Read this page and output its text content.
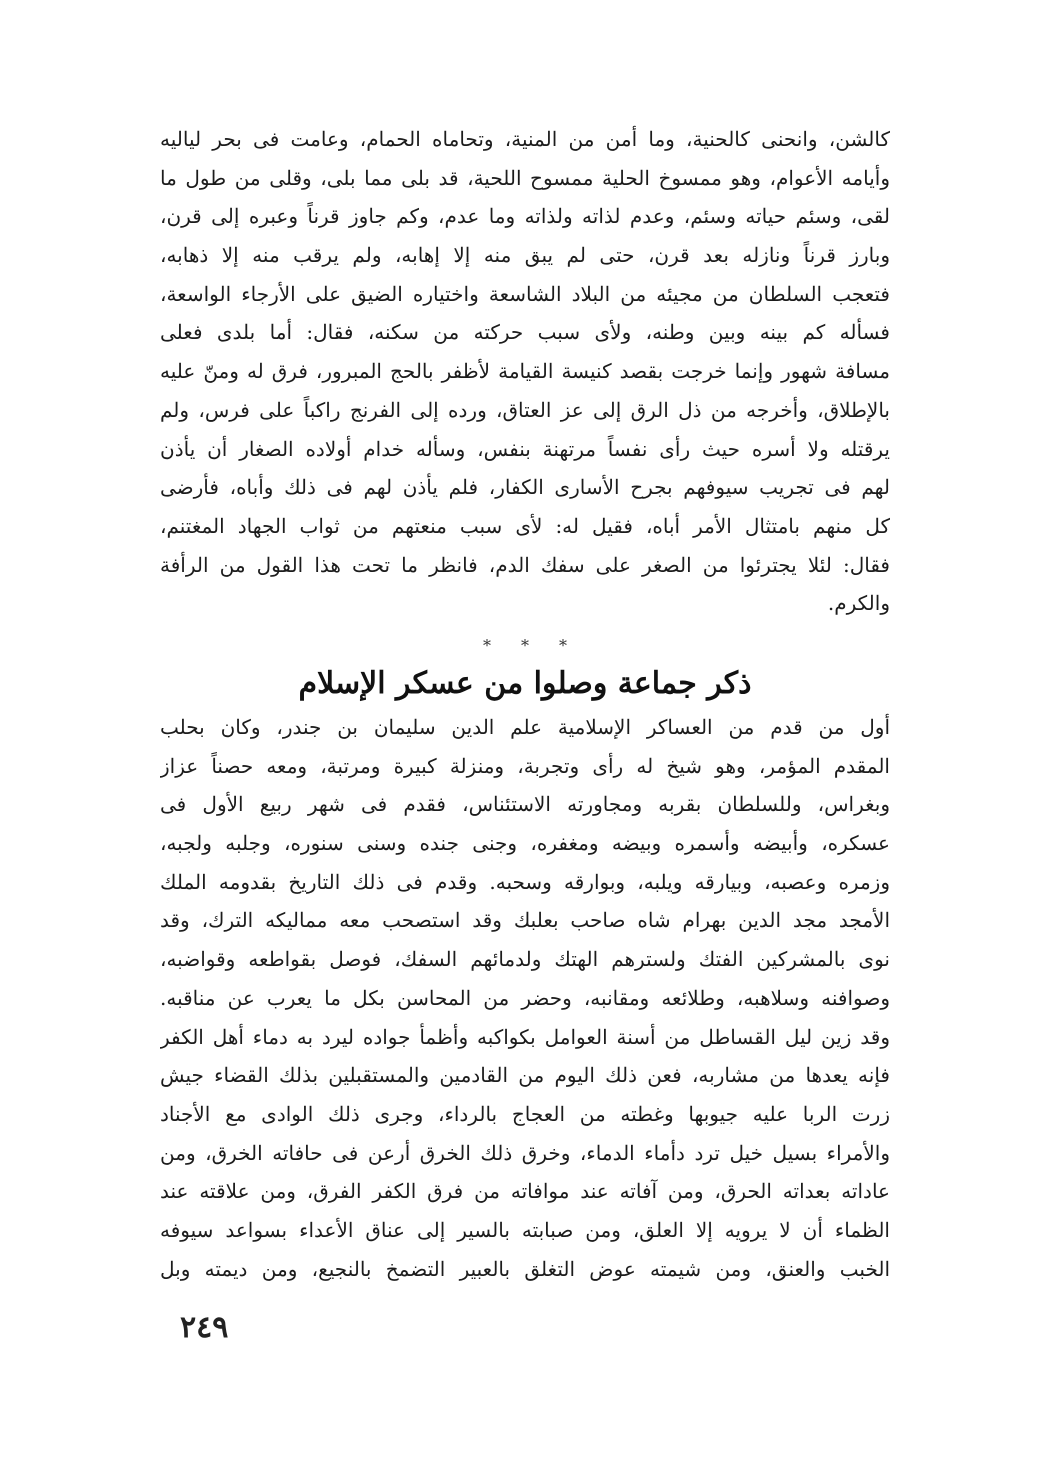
كالشن، وانحنى كالحنية، وما أمن من المنية، وتحاماه الحمام، وعامت فى بحر لياليه
وأيامه الأعوام، وهو ممسوخ الحلية ممسوح اللحية، قد بلى مما بلى، وقلى من طول ما
لقى، وسئم حياته وسئم، وعدم لذاته ولذاته وما عدم، وكم جاوز قرناً وعبره إلى قرن،
وبارز قرناً ونازله بعد قرن، حتى لم يبق منه إلا إهابه، ولم يرقب منه إلا ذهابه،
فتعجب السلطان من مجيئه من البلاد الشاسعة واختياره الضيق على الأرجاء الواسعة،
فسأله كم بينه وبين وطنه، ولأى سبب حركته من سكنه، فقال: أما بلدى فعلى
مسافة شهور وإنما خرجت بقصد كنيسة القيامة لأظفر بالحج المبرور، فرق له ومنّ عليه
بالإطلاق، وأخرجه من ذل الرق إلى عز العتاق، ورده إلى الفرنج راكباً على فرس، ولم
يرقتله ولا أسره حيث رأى نفساً مرتهنة بنفس، وسأله خدام أولاده الصغار أن يأذن
لهم فى تجريب سيوفهم بجرح الأسارى الكفار، فلم يأذن لهم فى ذلك وأباه، فأرضى
كل منهم بامتثال الأمر أباه، فقيل له: لأى سبب منعتهم من ثواب الجهاد المغتنم،
فقال: لئلا يجترئوا من الصغر على سفك الدم، فانظر ما تحت هذا القول من الرأفة
والكرم.
* * *
ذكر جماعة وصلوا من عسكر الإسلام
أول من قدم من العساكر الإسلامية علم الدين سليمان بن جندر، وكان بحلب
المقدم المؤمر، وهو شيخ له رأى وتجربة، ومنزلة كبيرة ومرتبة، ومعه حصناً عزاز
وبغراس، وللسلطان بقربه ومجاورته الاستئناس، فقدم فى شهر ربيع الأول فى
عسكره، وأبيضه وأسمره وبيضه ومغفره، وجنى جنده وسنى سنوره، وجلبه ولجبه،
وزمره وعصبه، وبيارقه ويلبه، وبوارقه وسحبه. وقدم فى ذلك التاريخ بقدومه الملك
الأمجد مجد الدين بهرام شاه صاحب بعلبك وقد استصحب معه مماليكه الترك، وقد
نوى بالمشركين الفتك ولسترهم الهتك ولدمائهم السفك، فوصل بقواطعه وقواضبه،
وصوافنه وسلاهبه، وطلائعه ومقانبه، وحضر من المحاسن بكل ما يعرب عن مناقبه.
وقد زين ليل القساطل من أسنة العوامل بكواكبه وأظمأ جواده ليرد به دماء أهل الكفر
فإنه يعدها من مشاربه، فعن ذلك اليوم من القادمين والمستقبلين بذلك القضاء جيش
زرت الربا عليه جيوبها وغطته من العجاج بالرداء، وجرى ذلك الوادى مع الأجناد
والأمراء بسيل خيل ترد دأماء الدماء، وخرق ذلك الخرق أرعن فى حافاته الخرق، ومن
عاداته بعداته الحرق، ومن آفاته عند موافاته من فرق الكفر الفرق، ومن علاقته عند
الظماء أن لا يرويه إلا العلق، ومن صبابته بالسير إلى عناق الأعداء بسواعد سيوفه
الخبب والعنق، ومن شيمته عوض التغلق بالعبير التضمخ بالنجيع، ومن ديمته وبل
٢٤٩
